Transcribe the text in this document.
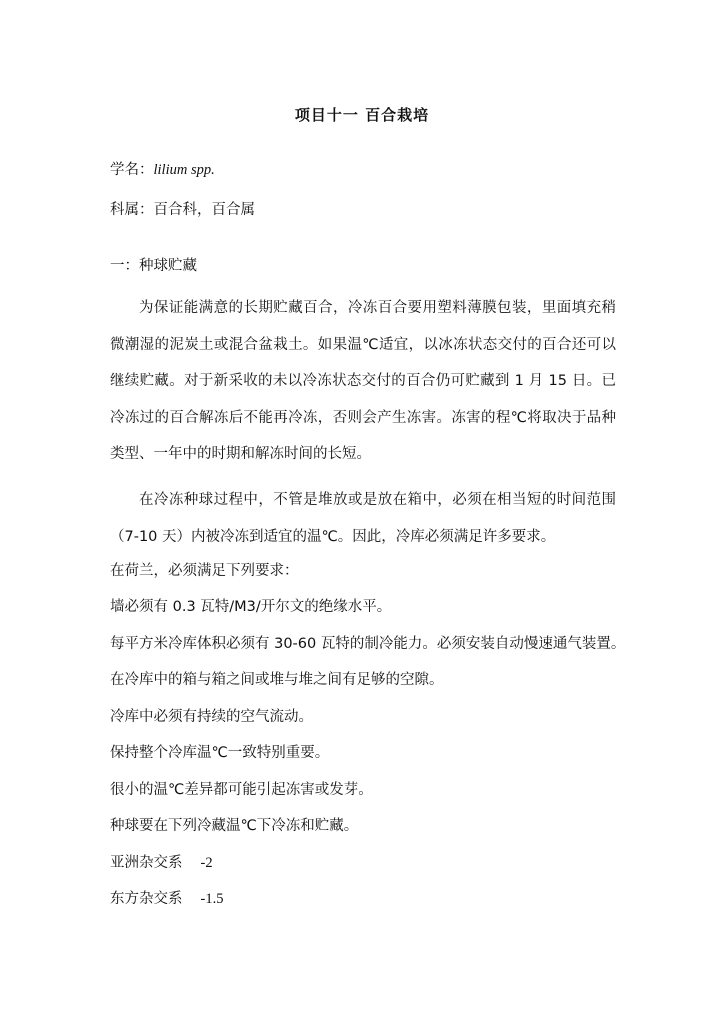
项目十一 百合栽培
学名：lilium spp.
科属：百合科，百合属
一：种球贮藏

为保证能满意的长期贮藏百合，冷冻百合要用塑料薄膜包装，里面填充稍微潮湿的泥炭土或混合盆栽土。如果温℃适宜，以冰冻状态交付的百合还可以继续贮藏。对于新采收的未以冷冻状态交付的百合仍可贮藏到 1 月 15 日。已冷冻过的百合解冻后不能再冷冻，否则会产生冻害。冻害的程℃将取决于品种类型、一年中的时期和解冻时间的长短。

在冷冻种球过程中，不管是堆放或是放在箱中，必须在相当短的时间范围（7-10 天）内被冷冻到适宜的温℃。因此，冷库必须满足许多要求。

在荷兰，必须满足下列要求：
墙必须有 0.3 瓦特/M3/开尔文的绝缘水平。
每平方米冷库体积必须有 30-60 瓦特的制冷能力。必须安装自动慢速通气装置。
在冷库中的箱与箱之间或堆与堆之间有足够的空隙。
冷库中必须有持续的空气流动。
保持整个冷库温℃一致特别重要。
很小的温℃差异都可能引起冻害或发芽。
种球要在下列冷藏温℃下冷冻和贮藏。
亚洲杂交系 -2
东方杂交系 -1.5
